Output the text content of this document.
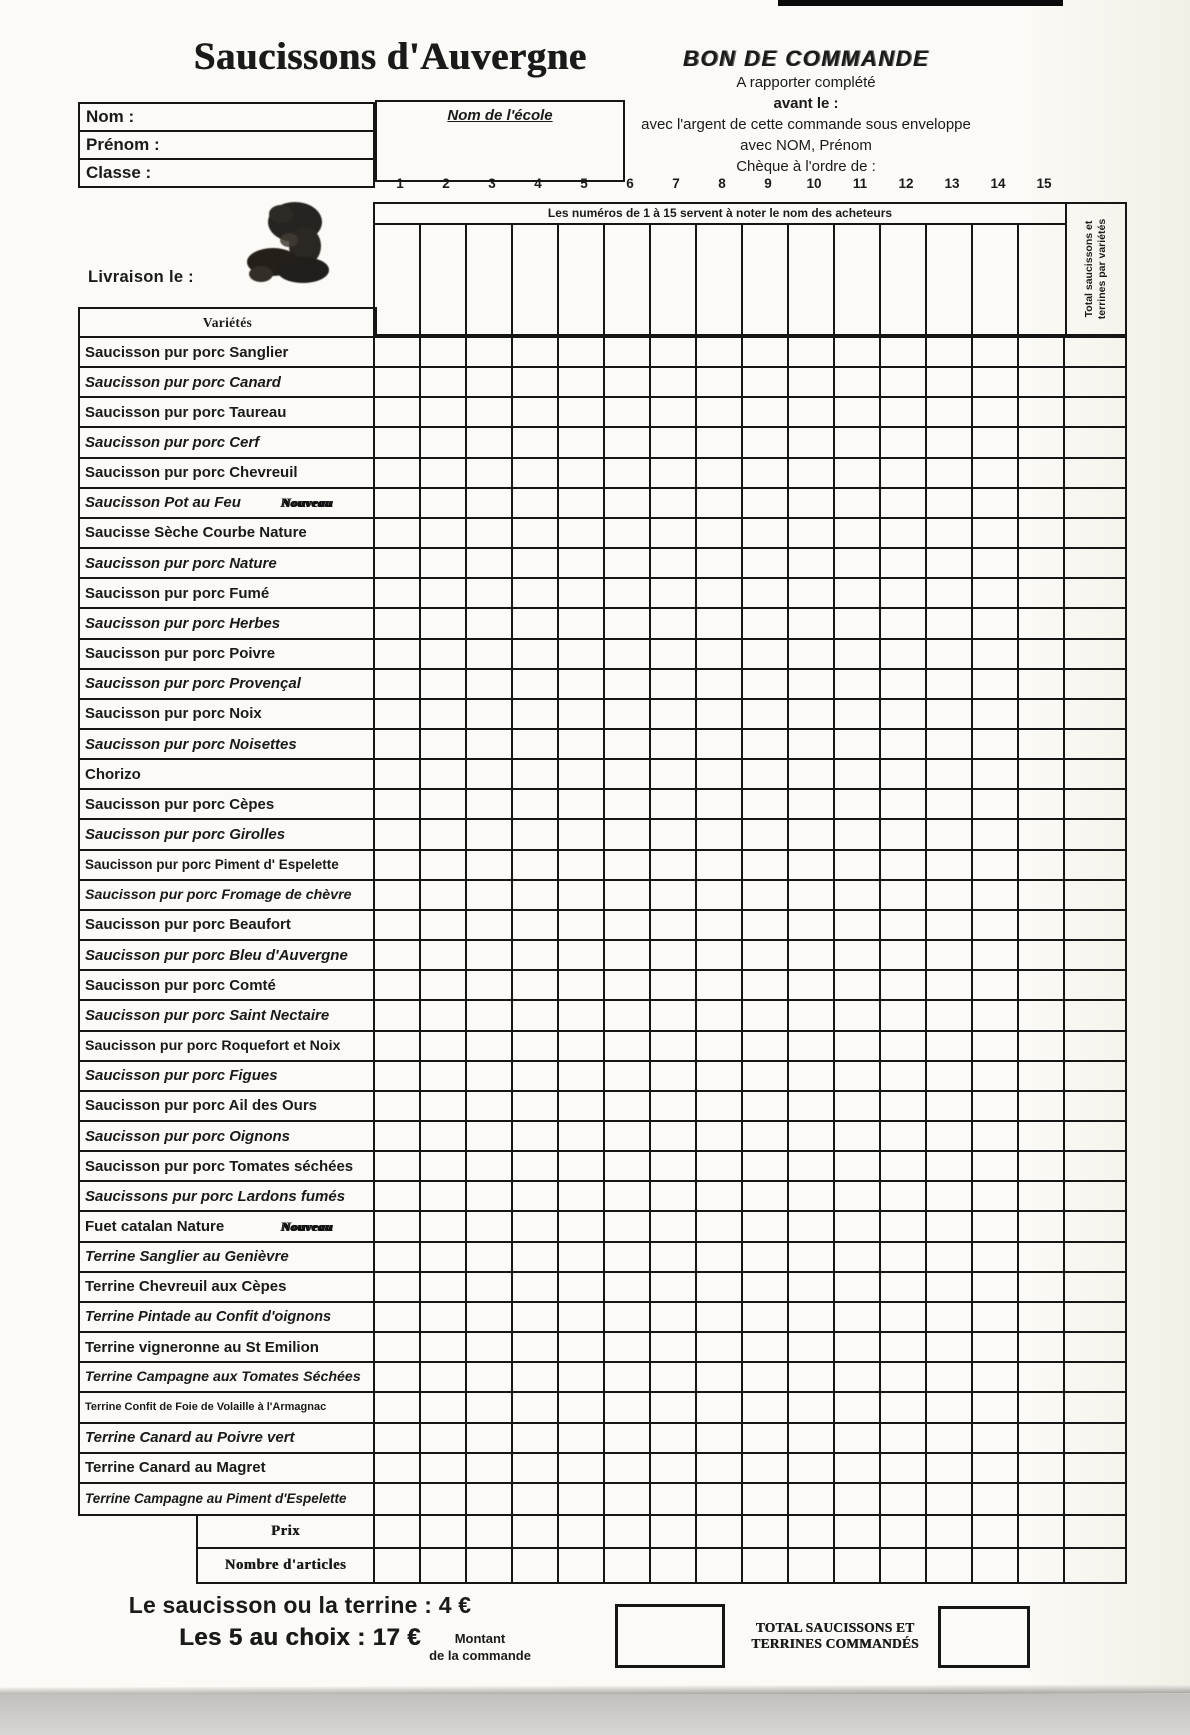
Saucissons d'Auvergne	BON DE COMMANDE
A rapporter complété
avant le :
avec l'argent de cette commande sous enveloppe
avec NOM, Prénom
Chèque à l'ordre de :
Nom :
Prénom :
Classe :
Nom de l'école
Livraison le :
1	2	3	4	5	6	7	8	9	10	11	12	13	14	15
Les numéros de 1 à 15 servent à noter le nom des acheteurs
Total saucissons et terrines par variétés
Variétés
Saucisson pur porc Sanglier
Saucisson pur porc Canard
Saucisson pur porc Taureau
Saucisson pur porc Cerf
Saucisson pur porc Chevreuil
Saucisson Pot au Feu	Nouveau
Saucisse Sèche Courbe Nature
Saucisson pur porc Nature
Saucisson pur porc Fumé
Saucisson pur porc Herbes
Saucisson pur porc Poivre
Saucisson pur porc Provençal
Saucisson pur porc Noix
Saucisson pur porc Noisettes
Chorizo
Saucisson pur porc Cèpes
Saucisson pur porc Girolles
Saucisson pur porc Piment d' Espelette
Saucisson pur porc Fromage de chèvre
Saucisson pur porc Beaufort
Saucisson pur porc Bleu d'Auvergne
Saucisson pur porc Comté
Saucisson pur porc Saint Nectaire
Saucisson pur porc Roquefort et Noix
Saucisson pur porc Figues
Saucisson pur porc Ail des Ours
Saucisson pur porc Oignons
Saucisson pur porc Tomates séchées
Saucissons pur porc Lardons fumés
Fuet catalan Nature	Nouveau
Terrine Sanglier au Genièvre
Terrine Chevreuil aux Cèpes
Terrine Pintade au Confit d'oignons
Terrine vigneronne au St Emilion
Terrine Campagne aux Tomates Séchées
Terrine Confit de Foie de Volaille à l'Armagnac
Terrine Canard au Poivre vert
Terrine Canard au Magret
Terrine Campagne au Piment d'Espelette
Prix
Nombre d'articles
Le saucisson ou la terrine : 4 €
Les 5 au choix : 17 €	Montant
de la commande
TOTAL SAUCISSONS ET
TERRINES COMMANDÉS
